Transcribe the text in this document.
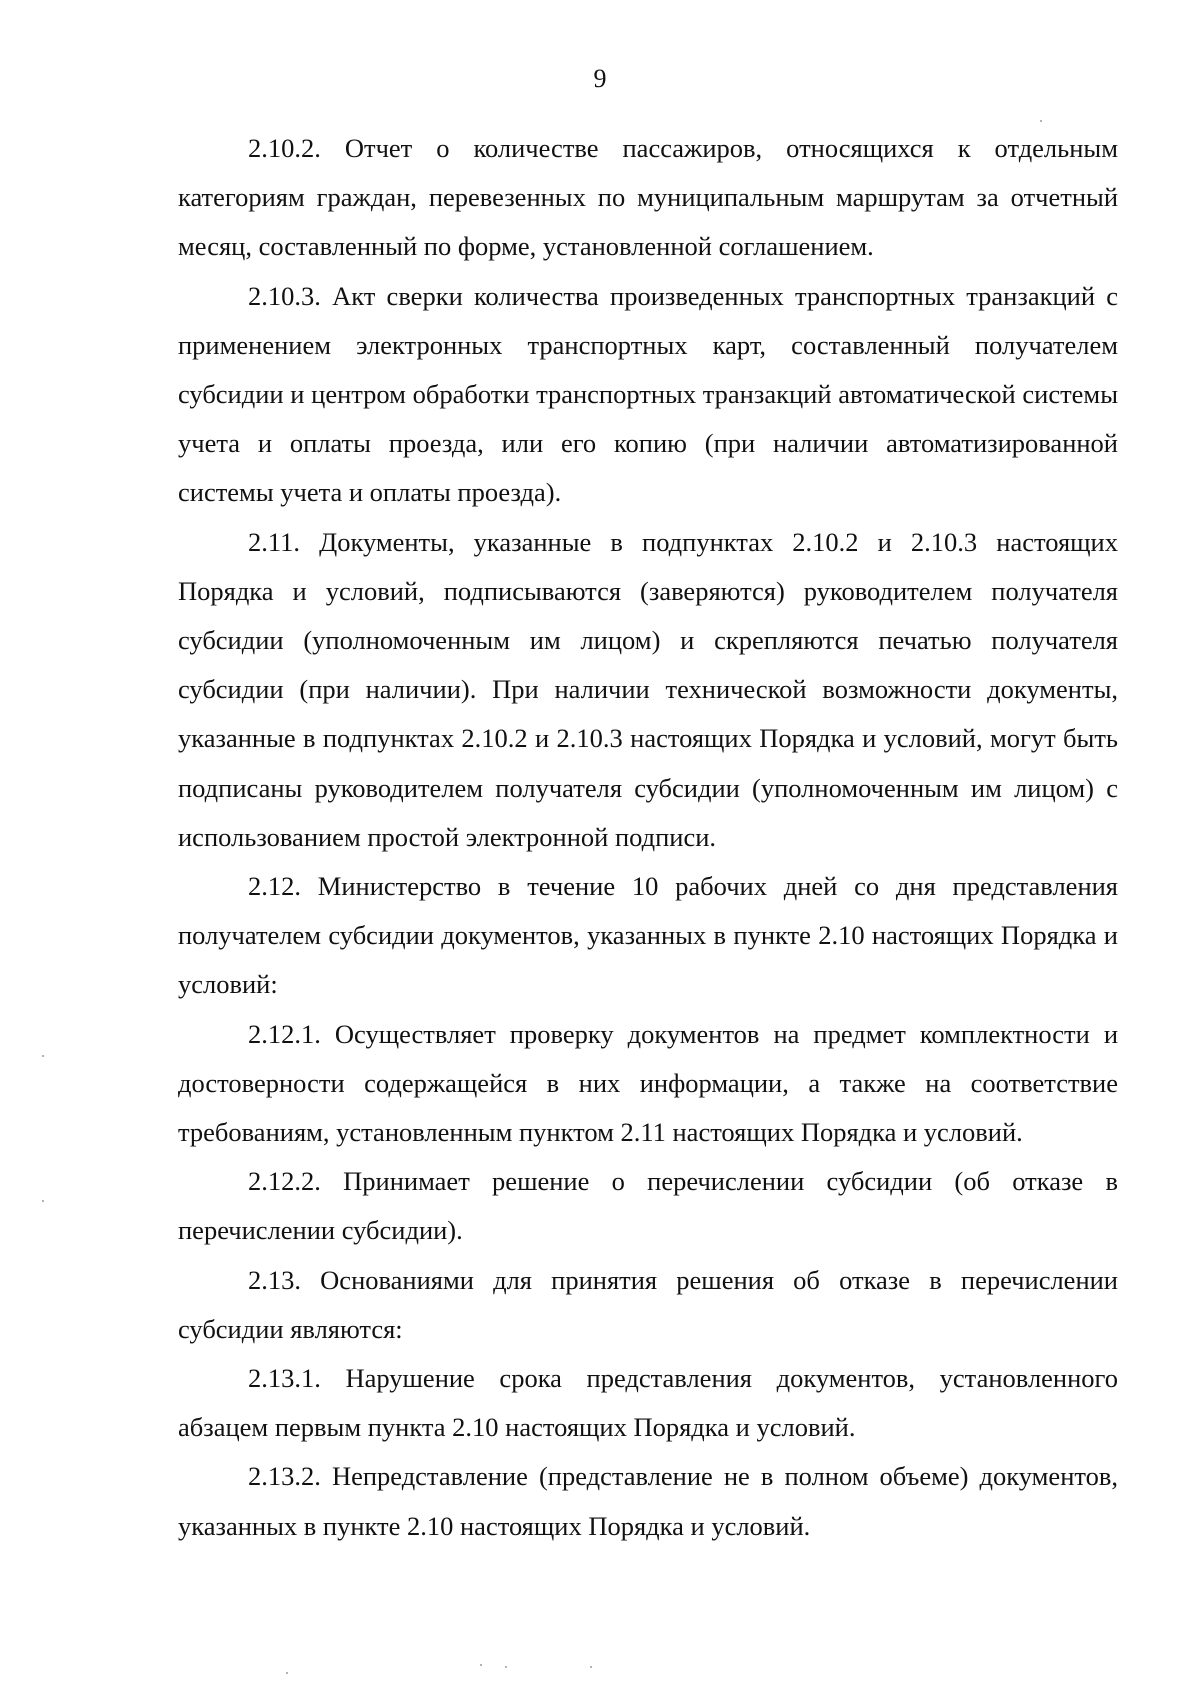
9

2.10.2. Отчет о количестве пассажиров, относящихся к отдельным категориям граждан, перевезенных по муниципальным маршрутам за отчетный месяц, составленный по форме, установленной соглашением.

2.10.3. Акт сверки количества произведенных транспортных транзакций с применением электронных транспортных карт, составленный получателем субсидии и центром обработки транспортных транзакций автоматической системы учета и оплаты проезда, или его копию (при наличии автоматизированной системы учета и оплаты проезда).

2.11. Документы, указанные в подпунктах 2.10.2 и 2.10.3 настоящих Порядка и условий, подписываются (заверяются) руководителем получателя субсидии (уполномоченным им лицом) и скрепляются печатью получателя субсидии (при наличии). При наличии технической возможности документы, указанные в подпунктах 2.10.2 и 2.10.3 настоящих Порядка и условий, могут быть подписаны руководителем получателя субсидии (уполномоченным им лицом) с использованием простой электронной подписи.

2.12. Министерство в течение 10 рабочих дней со дня представления получателем субсидии документов, указанных в пункте 2.10 настоящих Порядка и условий:

2.12.1. Осуществляет проверку документов на предмет комплектности и достоверности содержащейся в них информации, а также на соответствие требованиям, установленным пунктом 2.11 настоящих Порядка и условий.

2.12.2. Принимает решение о перечислении субсидии (об отказе в перечислении субсидии).

2.13. Основаниями для принятия решения об отказе в перечислении субсидии являются:

2.13.1. Нарушение срока представления документов, установленного абзацем первым пункта 2.10 настоящих Порядка и условий.

2.13.2. Непредставление (представление не в полном объеме) документов, указанных в пункте 2.10 настоящих Порядка и условий.
